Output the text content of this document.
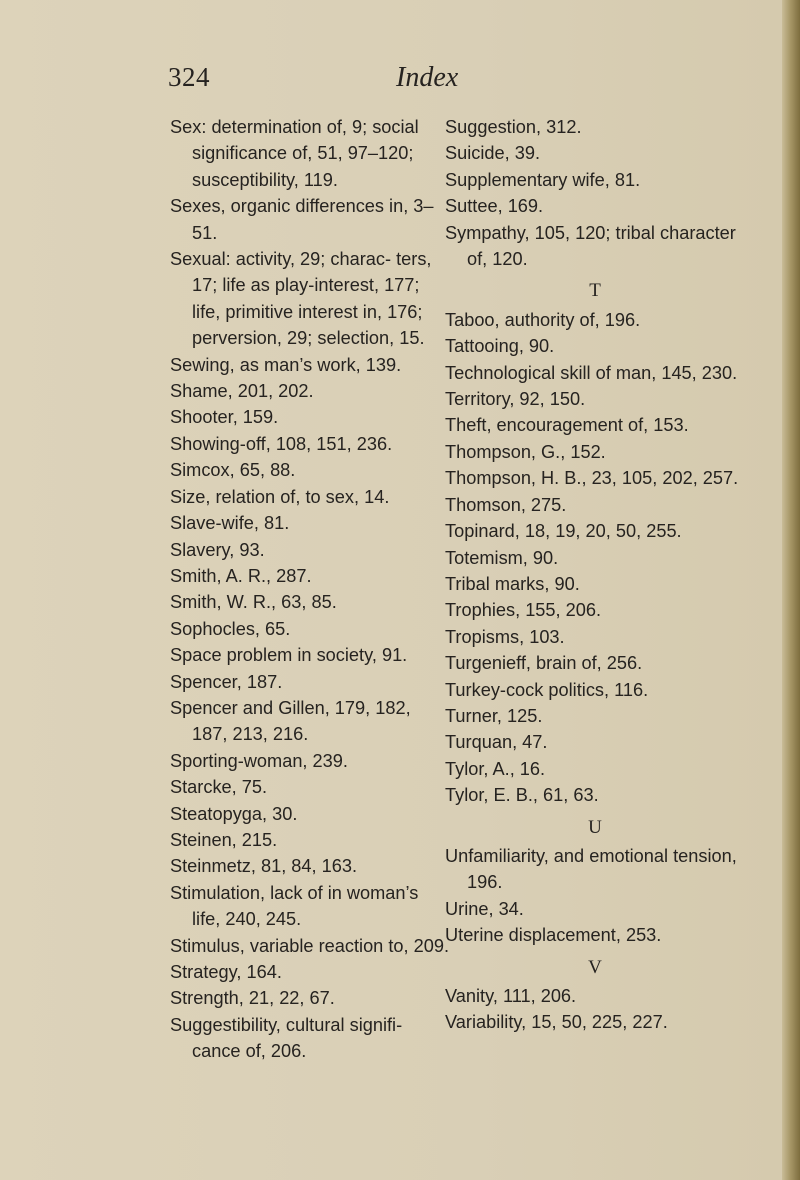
324	Index

Sex: determination of, 9; social significance of, 51, 97–120; susceptibility, 119.

Sexes, organic differences in, 3–51.

Sexual: activity, 29; charac- ters, 17; life as play-interest, 177; life, primitive interest in, 176; perversion, 29; selection, 15.

Sewing, as man’s work, 139.

Shame, 201, 202.

Shooter, 159.

Showing-off, 108, 151, 236.

Simcox, 65, 88.

Size, relation of, to sex, 14.

Slave-wife, 81.

Slavery, 93.

Smith, A. R., 287.

Smith, W. R., 63, 85.

Sophocles, 65.

Space problem in society, 91.

Spencer, 187.

Spencer and Gillen, 179, 182, 187, 213, 216.

Sporting-woman, 239.

Starcke, 75.

Steatopyga, 30.

Steinen, 215.

Steinmetz, 81, 84, 163.

Stimulation, lack of in woman’s life, 240, 245.

Stimulus, variable reaction to, 209.

Strategy, 164.

Strength, 21, 22, 67.

Suggestibility, cultural signifi- cance of, 206.

Suggestion, 312.

Suicide, 39.

Supplementary wife, 81.

Suttee, 169.

Sympathy, 105, 120; tribal character of, 120.

T

Taboo, authority of, 196.

Tattooing, 90.

Technological skill of man, 145, 230.

Territory, 92, 150.

Theft, encouragement of, 153.

Thompson, G., 152.

Thompson, H. B., 23, 105, 202, 257.

Thomson, 275.

Topinard, 18, 19, 20, 50, 255.

Totemism, 90.

Tribal marks, 90.

Trophies, 155, 206.

Tropisms, 103.

Turgenieff, brain of, 256.

Turkey-cock politics, 116.

Turner, 125.

Turquan, 47.

Tylor, A., 16.

Tylor, E. B., 61, 63.

U

Unfamiliarity, and emotional tension, 196.

Urine, 34.

Uterine displacement, 253.

V

Vanity, 111, 206.

Variability, 15, 50, 225, 227.
